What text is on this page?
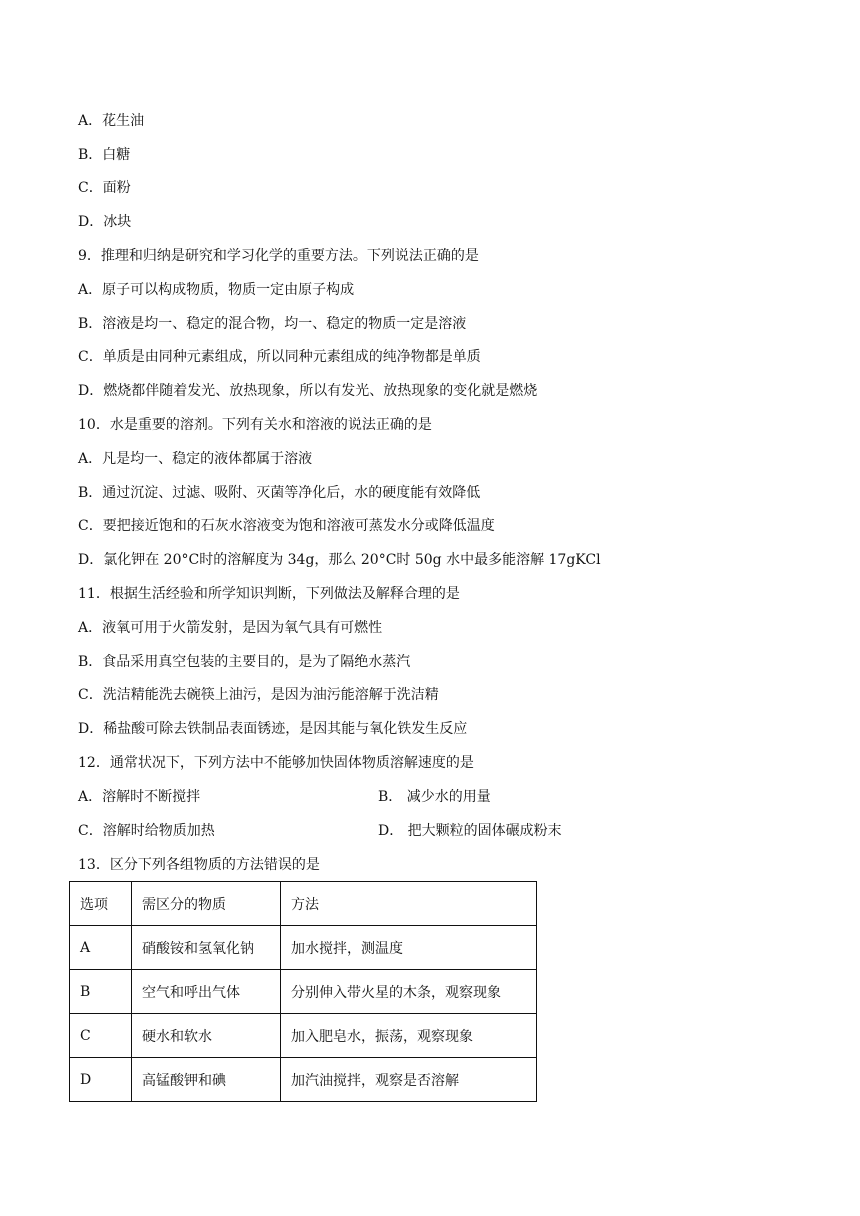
A．花生油
B．白糖
C．面粉
D．冰块
9．推理和归纳是研究和学习化学的重要方法。下列说法正确的是
A．原子可以构成物质，物质一定由原子构成
B．溶液是均一、稳定的混合物，均一、稳定的物质一定是溶液
C．单质是由同种元素组成，所以同种元素组成的纯净物都是单质
D．燃烧都伴随着发光、放热现象，所以有发光、放热现象的变化就是燃烧
10．水是重要的溶剂。下列有关水和溶液的说法正确的是
A．凡是均一、稳定的液体都属于溶液
B．通过沉淀、过滤、吸附、灭菌等净化后，水的硬度能有效降低
C．要把接近饱和的石灰水溶液变为饱和溶液可蒸发水分或降低温度
D．氯化钾在 20°C时的溶解度为 34g，那么 20°C时 50g 水中最多能溶解 17gKCl
11．根据生活经验和所学知识判断，下列做法及解释合理的是
A．液氧可用于火箭发射，是因为氧气具有可燃性
B．食品采用真空包装的主要目的，是为了隔绝水蒸汽
C．洗洁精能洗去碗筷上油污，是因为油污能溶解于洗洁精
D．稀盐酸可除去铁制品表面锈迹，是因其能与氧化铁发生反应
12．通常状况下，下列方法中不能够加快固体物质溶解速度的是
A．溶解时不断搅拌	B． 减少水的用量
C．溶解时给物质加热	D． 把大颗粒的固体碾成粉末
13．区分下列各组物质的方法错误的是
选项	需区分的物质	方法
A	硝酸铵和氢氧化钠	加水搅拌，测温度
B	空气和呼出气体	分别伸入带火星的木条，观察现象
C	硬水和软水	加入肥皂水，振荡，观察现象
D	高锰酸钾和碘	加汽油搅拌，观察是否溶解
